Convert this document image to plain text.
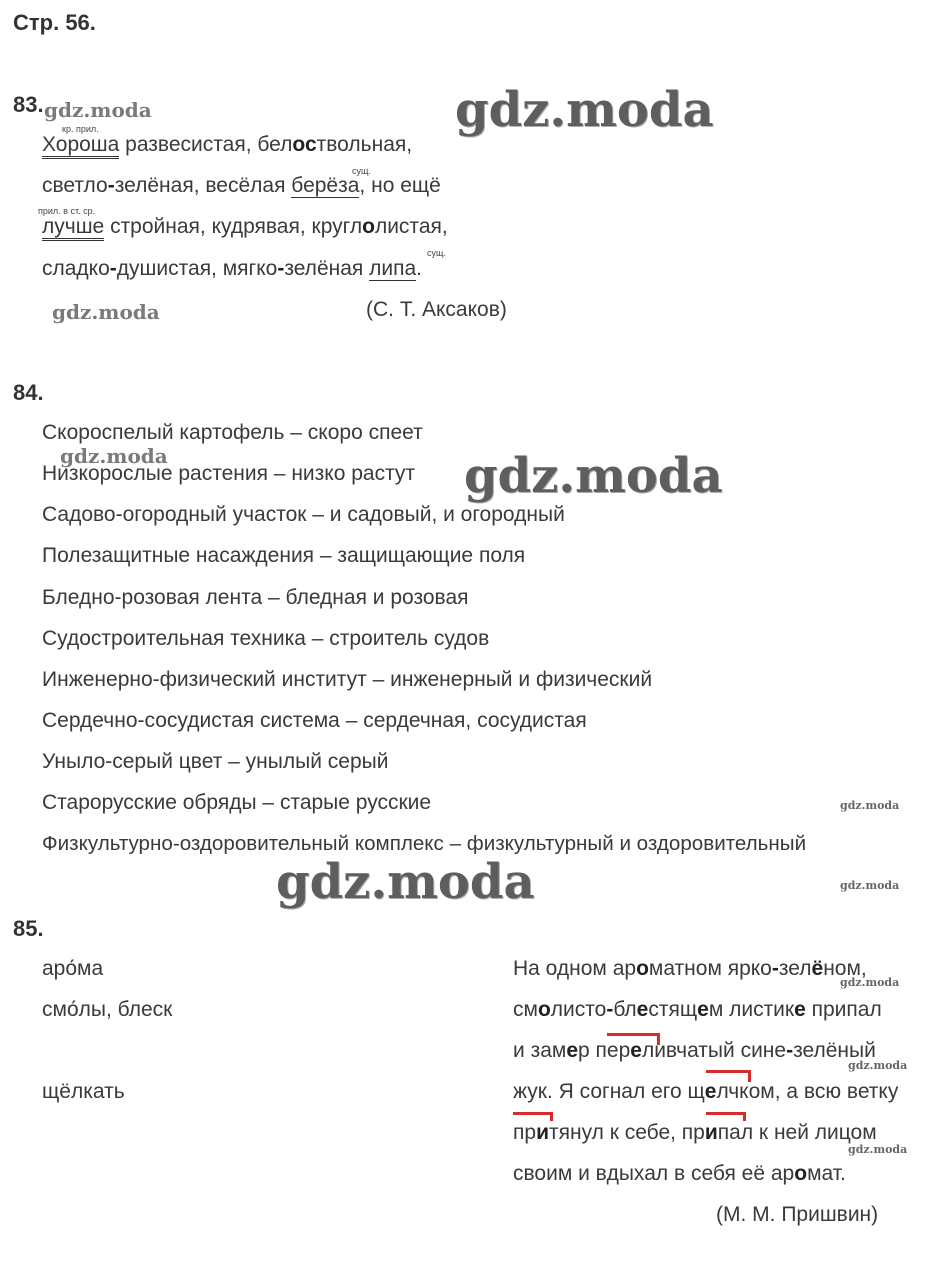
Стр. 56.
83.
кр. прил.
Хороша развесистая, белоствольная,
сущ.
светло-зелёная, весёлая берёза, но ещё
прил. в ст. ср.
лучше стройная, кудрявая, круглолистая,
сущ.
сладко-душистая, мягко-зелёная липа.
(С. Т. Аксаков)
84.
Скороспелый картофель – скоро спеет
Низкорослые растения – низко растут
Садово-огородный участок – и садовый, и огородный
Полезащитные насаждения – защищающие поля
Бледно-розовая лента – бледная и розовая
Судостроительная техника – строитель судов
Инженерно-физический институт – инженерный и физический
Сердечно-сосудистая система – сердечная, сосудистая
Уныло-серый цвет – унылый серый
Старорусские обряды – старые русские
Физкультурно-оздоровительный комплекс – физкультурный и оздоровительный
85.
аро́ма
смо́лы, блеск
щёлкать
На одном ароматном ярко-зелёном,
смолисто-блестящем листике припал
и замер переливчатый сине-зелёный
жук. Я согнал его щелчком, а всю ветку
притянул к себе, припал к ней лицом
своим и вдыхал в себя её аромат.
(М. М. Пришвин)
gdz.moda
gdz.moda
gdz.moda
gdz.moda	gdz.moda
gdz.moda
gdz.moda	gdz.moda
gdz.moda
gdz.moda
gdz.moda
